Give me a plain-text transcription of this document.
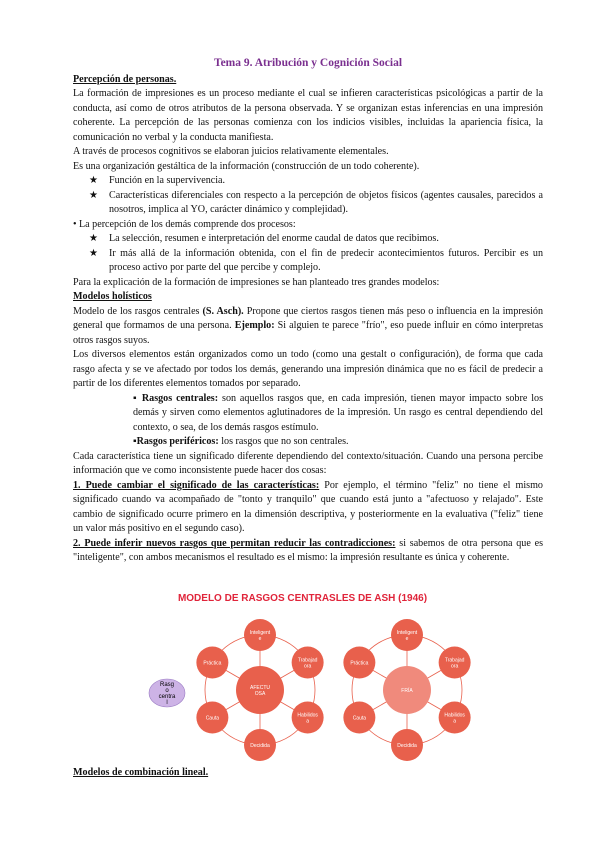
Tema 9. Atribución y Cognición Social
Percepción de personas.

La formación de impresiones es un proceso mediante el cual se infieren características psicológicas a partir de la conducta, así como de otros atributos de la persona observada. Y se organizan estas inferencias en una impresión coherente. La percepción de las personas comienza con los indicios visibles, incluidas la apariencia física, la comunicación no verbal y la conducta manifiesta.

A través de procesos cognitivos se elaboran juicios relativamente elementales.

Es una organización gestáltica de la información (construcción de un todo coherente).

★ Función en la supervivencia.
★ Características diferenciales con respecto a la percepción de objetos físicos (agentes causales, parecidos a nosotros, implica al YO, carácter dinámico y complejidad).
• La percepción de los demás comprende dos procesos:
★ La selección, resumen e interpretación del enorme caudal de datos que recibimos.
★ Ir más allá de la información obtenida, con el fin de predecir acontecimientos futuros. Percibir es un proceso activo por parte del que percibe y complejo.

Para la explicación de la formación de impresiones se han planteado tres grandes modelos:

Modelos holísticos

Modelo de los rasgos centrales (S. Asch). Propone que ciertos rasgos tienen más peso o influencia en la impresión general que formamos de una persona. Ejemplo: Si alguien te parece "frío", eso puede influir en cómo interpretas otros rasgos suyos.

Los diversos elementos están organizados como un todo (como una gestalt o configuración), de forma que cada rasgo afecta y se ve afectado por todos los demás, generando una impresión dinámica que no es fácil de predecir a partir de los diferentes elementos tomados por separado.

▪ Rasgos centrales: son aquellos rasgos que, en cada impresión, tienen mayor impacto sobre los demás y sirven como elementos aglutinadores de la impresión. Un rasgo es central dependiendo del contexto, o sea, de los demás rasgos estímulo.
▪Rasgos periféricos: los rasgos que no son centrales.

Cada característica tiene un significado diferente dependiendo del contexto/situación. Cuando una persona percibe información que ve como inconsistente puede hacer dos cosas:

1. Puede cambiar el significado de las características: Por ejemplo, el término "feliz" no tiene el mismo significado cuando va acompañado de "tonto y tranquilo" que cuando está junto a "afectuoso y relajado". Este cambio de significado ocurre primero en la dimensión descriptiva, y posteriormente en la evaluativa ("feliz" tiene un valor más positivo en el segundo caso).

2. Puede inferir nuevos rasgos que permitan reducir las contradicciones: si sabemos de otra persona que es "inteligente", con ambos mecanismos el resultado es el mismo: la impresión resultante es única y coherente.

MODELO DE RASGOS CENTRASLES DE ASH (1946)
Inteligent e
Trabajad ora
Habilidos a
Decidida
Cauta
Práctica
AFECTU OSA
Inteligent e
Trabajad ora
Habilidos a
Decidida
Cauta
Práctica
FRÍA
Rasg o centra l
Modelos de combinación lineal.
